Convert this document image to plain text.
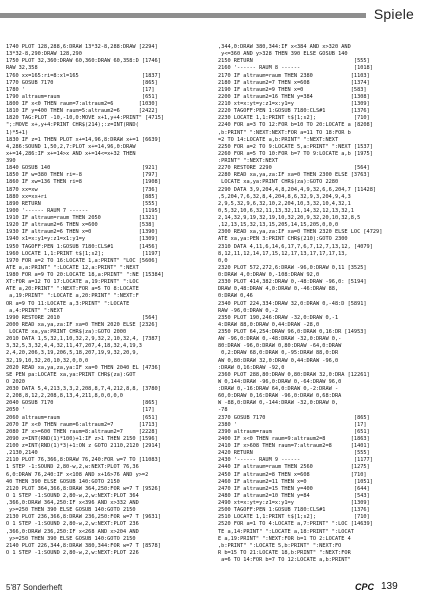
Spiele
1740 PLOT 128,288,6:DRAW 13*32-8,288:DRAW [2294]
13*32-8,290:DRAW 128,290
1750 PLOT 32,360:DRAW 60,360:DRAW 60,358:D [1746]
RAW 32,358
1760 xx=165:ri=8:xl=165                    [1837]
1770 GOSUB 7170                            [865]
1780 '                                     [17]
1790 altraum=raum                          [651]
1800 IF x<0 THEN raum=7:altraum2=6        [1030]
1810 IF y=400 THEN raum=5:altraum2=6      [2422]
1820 TAG:PLOT -10,-10,0:MOVE x+1,y+4:PRINT" [4715]
";:MOVE x+,y+4:PRINT CHR$(214);:z=INT(RND(
1)*5+1)
1830 IF z=1 THEN PLOT x+=14,96,8:DRAW x+=1 [6639]
4,286:SOUND 1,50,2,7:PLOT x+=14,96,0:DRAW
x+=14,286:IF x+=14>x AND x+=14<=x+32 THEN
390
1840 GOSUB 140                             [921]
1850 IF w=380 THEN ri=-8                   [797]
1860 IF xw=136 THEN ri=8                   [1908]
1870 xx=xw                                 [736]
1880 xx=xx+ri                              [885]
1890 RETURN                                [555]
1900 '------ RAUM 7 ------                 [1195]
1910 IF altraum=raum THEN 2050            [1321]
1920 IF altraum2=6 THEN x=600             [538]
1930 IF altraum2=6 THEN x=0               [1390]
1940 x1=x:y1=y:z1=x1:y1=y                 [1309]
1950 TAGOFF:PEN 1:GOSUB 7180:CLS#1        [1456]
1960 LOCATE 1,1:PRINT t$[1;s2];            [1197]
1970 FOR a=2 TO 16:LOCATE 1,a:PRINT" "LOC [5606]
ATE a,a:PRINT" ":LOCATE 12,a:PRINT" ":NEXT
1980 FOR a=9 TO 20:LOCATE 18,a:PRINT" ":NE [15384]
XT:FOR a=12 TO 17:LOCATE a,19:PRINT" ":LOC
ATE a,20:PRINT" ":NEXT:FOR a=5 TO 8:LOCATE
a,19:PRINT" ":LOCATE a,20:PRINT" ":NEXT:F
OR a=9 TO 11:LOCATE a,3:PRINT" ":LOCATE
a,4:PRINT" ":NEXT
1990 RESTORE 2010                          [564]
2000 READ xa,ya,za:IF xa=0 THEN 2020 ELSE [2326]
LOCATE xa,ya:PRINT CHR$(za):GOTO 2000
2010 DATA 1,5,32,1,10,32,2,9,32,2,10,32,4, [7387]
3,32,5,3,32,4,4,32,11,47,207,4,18,32,4,19,3
2,4,20,206,3,19,206,5,18,207,19,9,32,20,9,
32,19,10,32,20,10,32,0,0,0
2020 READ xa,ya,za,ya:IF xa=0 THEN 2040 EL [4736]
SE PEN pa:LOCATE xa,ya:PRINT CHR$(za):GOT
O 2020
2030 DATA 5,4,213,3,3,2,208,8,7,4,212,8,8, [3780]
2,208,8,12,2,208,8,13,4,211,8,0,0,0,0
2040 GOSUB 7170                            [865]
2050 '                                     [17]
2060 altraum=raum                          [651]
2070 IF x<0 THEN raum=6:altraum2=7        [1713]
2080 IF x>=600 THEN raum=8:altraum2=7     [2228]
2090 z=INT(RND(1)*100)+1:IF z>1 THEN 2150 [1596]
2100 z=INT(RND(1)*3)+1:ON z GOTO 2110,2120 [2914]
,2130,2140
2110 PLOT 76,366,8:DRAW 76,240:FOR w=7 TO [11083]
1 STEP -1:SOUND 2,80-w,2,w:NEXT:PLOT 76,36
6,0:DRAW 76,240:IF x<108 AND x+16>76 AND y>=2
40 THEN 390 ELSE GOSUB 140:GOTO 2150
2120 PLOT 364,366,8:DRAW 364,250:FOR w=7 T [9526]
O 1 STEP -1:SOUND 2,80-w,2,w:NEXT:PLOT 364
,366,0:DRAW 364,250:IF x<396 AND x>332 AND
y>=250 THEN 390 ELSE GOSUB 140:GOTO 2150
2130 PLOT 236,366,8:DRAW 236,250:FOR w=7 T [9631]
O 1 STEP -1:SOUND 2,80-w,2,w:NEXT:PLOT 236
,366,0:DRAW 236,250:IF x<268 AND x>204 AND
y>=250 THEN 390 ELSE GOSUB 140:GOTO 2150
2140 PLOT 226,344,8:DRAW 380,344:FOR w=7 T [8578]
O 1 STEP -1:SOUND 2,80-w,2,w:NEXT:PLOT 226
,344,0:DRAW 380,344:IF x<384 AND x>320 AND
y<=360 AND y>328 THEN 390 ELSE GOSUB 140
2150 RETURN                                [555]
2160 '------ RAUM 8 ------                 [1018]
2170 IF altraum=raum THEN 2380            [1103]
2180 IF altraum2=7 THEN x=608             [1374]
2190 IF altraum2=9 THEN x=0               [583]
2200 IF altraum2=16 THEN y=384            [1308]
2210 xt=x:yt=y:z1=x:y1=y                  [1309]
2220 TAGOFF:PEN 1:GOSUB 7180:CLS#1        [1376]
2230 LOCATE 1,1:PRINT t$[1;s2];            [710]
2240 FOR a=3 TO 12:FOR b=10 TO 20:LOCATE a [8208]
,b:PRINT" ":NEXT:NEXT:FOR a=11 TO 18:FOR b
=2 TO 14:LOCATE a,b:PRINT" ":NEXT:NEXT
2250 FOR a=2 TO 9:LOCATE 5,a:PRINT" ":NEXT [1537]
2260 FOR a=5 TO 10:FOR b=7 TO 9:LOCATE a,b [1975]
:PRINT" ":NEXT:NEXT
2270 RESTORE 2290                          [564]
2280 READ xa,ya,za:IF xa=0 THEN 2300 ELSE [3763]
LOCATE xa,ya:PRINT CHR$(za):GOTO 2280
2290 DATA 3,9,204,4,8,204,4,9,32,6,6,204,7 [11428]
,5,204,7,6,32,8,4,204,8,6,32,9,3,204,9,4,3
2,9,5,32,9,6,32,10,2,204,10,3,32,10,4,32,1
0,5,32,10,6,32,11,13,32,11,14,32,12,13,32,1
2,14,32,9,19,32,19,10,32,20,9,32,20,10,32,8,5
,12,13,15,32,13,15,205,14,15,205,0,0,0
2300 READ xa,ya,za:IF xa=0 THEN 2320 ELSE LOC [4729]
ATE xa,ya:PEN 3:PRINT CHR$(210):GOTO 2300
2310 DATA 4,11,6,14,6,17,7,6,7,12,7,13,12, [4079]
8,12,11,12,14,17,15,12,17,13,17,17,17,13,
0,0
2320 PLOT 572,272,6:DRAW -96,0:DRAW 0,11 [3525]
0:DRAW 4,0:DRAW 0,-108:DRAW 92,0
2330 PLOT 414,382:DRAW 0,-48:DRAW -96,0: [5194]
DRAW 0,48:DRAW 4,0:DRAW 0,-46:DRAW 88,
0:DRAW 0,46
2340 PLOT 224,334:DRAW 32,0:DRAW 0,-48:D [5891]
RAW -96,0:DRAW 0,-2
2350 PLOT 190,246:DRAW -32,0:DRAW 0,-1
4:DRAW 88,0:DRAW 0,44:DRAW -28,0
2350 PLOT 64,254:DRAW 96,0:DRAW 0,16:DR [14953]
AW -96,0:DRAW 0,-48:DRAW -32,0:DRAW 0,-
80:DRAW -96,0:DRAW 0,80:DRAW -64,0:DRAW
0,2:DRAW 68,0:DRAW 0,-95:DRAW 88,0:DR
AW 0,80:DRAW 32,0:DRAW 0,44:DRAW -96,0
:DRAW 0,16:DRAW -92,0
2360 PLOT 288,80:DRAW 0,80:DRAW 32,0:DRA [12261]
W 0,144:DRAW -96,0:DRAW 0,-64:DRAW 96,0
:DRAW 0,-16:DRAW 64,0:DRAW 0,-2:DRAW -
60,0:DRAW 0,16:DRAW -96,0:DRAW 0,68:DRA
W -88,0:DRAW 0,-144:DRAW -32,0:DRAW 0,
-78
2370 GOSUB 7170                            [865]
2380 '                                     [17]
2390 altraum=raum                          [651]
2400 IF x<0 THEN raum=9:altraum2=8        [1863]
2410 IF x>608 THEN raum=7:altraum2=8      [1401]
2420 RETURN                                [555]
2430 '------ RAUM 9 ------                 [1177]
2440 IF altraum=raum THEN 2560            [1275]
2450 IF altraum2=8 THEN x=608             [710]
2460 IF altraum2=11 THEN x=0               [1051]
2470 IF altraum2=15 THEN y=400             [644]
2480 IF altraum2=10 THEN y=84              [543]
2490 xt=x:yt=y:z1=x:y1=y                  [1309]
2500 TAGOFF:PEN 1:GOSUB 7180:CLS#1        [1376]
2510 LOCATE 1,1:PRINT t$[1;s2];            [710]
2520 FOR a=1 TO 4:LOCATE a,7:PRINT" ":LOC [14639]
TE a,14:PRINT" ":LOCATE a,18:PRINT" ":LOCAT
E a,19:PRINT" ":NEXT:FOR b=1 TO 2:LOCATE 4
,b:PRINT" ":LOCATE 5,b:PRINT" ":NEXT:FO
R b=15 TO 21:LOCATE 18,b:PRINT" ":NEXT:FOR
a=6 TO 14:FOR b=7 TO 12:LOCATE a,b:PRINT"
5'87 Sonderheft	CPC 139
